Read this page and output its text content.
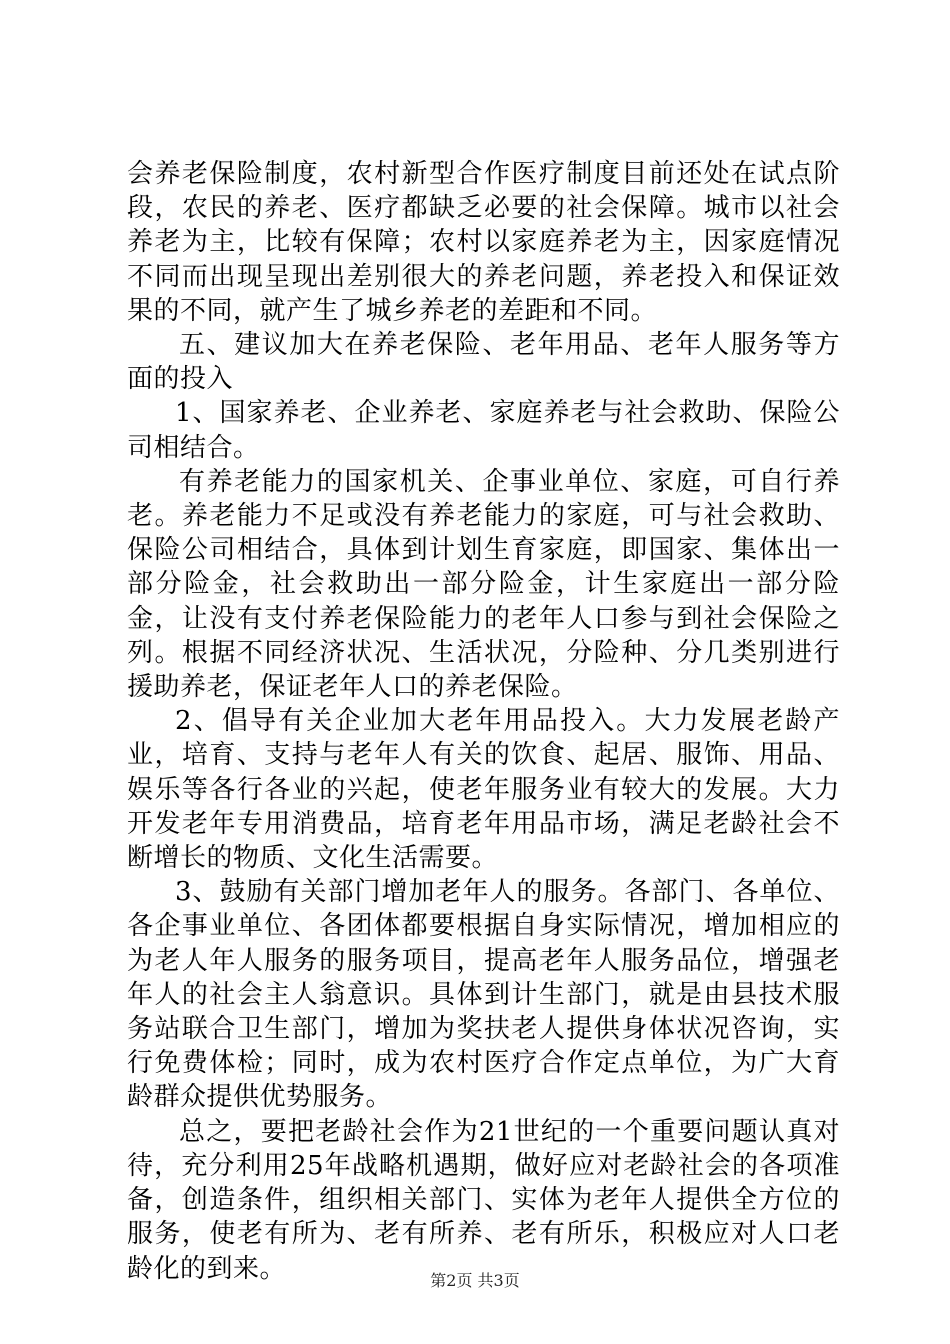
会养老保险制度，农村新型合作医疗制度目前还处在试点阶段，农民的养老、医疗都缺乏必要的社会保障。城市以社会养老为主，比较有保障；农村以家庭养老为主，因家庭情况不同而出现呈现出差别很大的养老问题，养老投入和保证效果的不同，就产生了城乡养老的差距和不同。

五、建议加大在养老保险、老年用品、老年人服务等方面的投入

1、国家养老、企业养老、家庭养老与社会救助、保险公司相结合。

有养老能力的国家机关、企事业单位、家庭，可自行养老。养老能力不足或没有养老能力的家庭，可与社会救助、保险公司相结合，具体到计划生育家庭，即国家、集体出一部分险金，社会救助出一部分险金，计生家庭出一部分险金，让没有支付养老保险能力的老年人口参与到社会保险之列。根据不同经济状况、生活状况，分险种、分几类别进行援助养老，保证老年人口的养老保险。

2、倡导有关企业加大老年用品投入。大力发展老龄产业，培育、支持与老年人有关的饮食、起居、服饰、用品、娱乐等各行各业的兴起，使老年服务业有较大的发展。大力开发老年专用消费品，培育老年用品市场，满足老龄社会不断增长的物质、文化生活需要。

3、鼓励有关部门增加老年人的服务。各部门、各单位、各企事业单位、各团体都要根据自身实际情况，增加相应的为老人年人服务的服务项目，提高老年人服务品位，增强老年人的社会主人翁意识。具体到计生部门，就是由县技术服务站联合卫生部门，增加为奖扶老人提供身体状况咨询，实行免费体检；同时，成为农村医疗合作定点单位，为广大育龄群众提供优势服务。

总之，要把老龄社会作为21世纪的一个重要问题认真对待，充分利用25年战略机遇期，做好应对老龄社会的各项准备，创造条件，组织相关部门、实体为老年人提供全方位的服务，使老有所为、老有所养、老有所乐，积极应对人口老龄化的到来。	第2页 共3页
